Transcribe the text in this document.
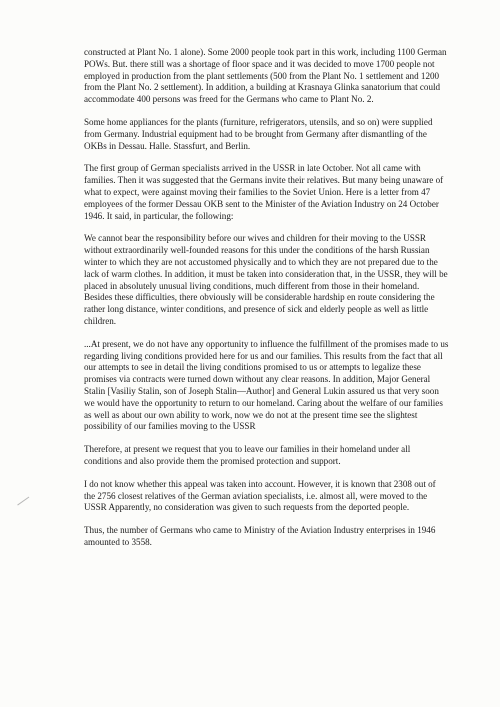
constructed at Plant No. 1 alone). Some 2000 people took part in this work, including 1100 German POWs. But. there still was a shortage of floor space and it was decided to move 1700 people not employed in production from the plant settlements (500 from the Plant No. 1 settlement and 1200 from the Plant No. 2 settlement). In addition, a building at Krasnaya Glinka sanatorium that could accommodate 400 persons was freed for the Germans who came to Plant No. 2.

Some home appliances for the plants (furniture, refrigerators, utensils, and so on) were supplied from Germany. Industrial equipment had to be brought from Germany after dismantling of the OKBs in Dessau. Halle. Stassfurt, and Berlin.

The first group of German specialists arrived in the USSR in late October. Not all came with families. Then it was suggested that the Germans invite their relatives. But many being unaware of what to expect, were against moving their families to the Soviet Union. Here is a letter from 47 employees of the former Dessau OKB sent to the Minister of the Aviation Industry on 24 October 1946. It said, in particular, the following:

We cannot bear the responsibility before our wives and children for their moving to the USSR without extraordinarily well-founded reasons for this under the conditions of the harsh Russian winter to which they are not accustomed physically and to which they are not prepared due to the lack of warm clothes. In addition, it must be taken into consideration that, in the USSR, they will be placed in absolutely unusual living conditions, much different from those in their homeland. Besides these difficulties, there obviously will be considerable hardship en route considering the rather long distance, winter conditions, and presence of sick and elderly people as well as little children.

...At present, we do not have any opportunity to influence the fulfillment of the promises made to us regarding living conditions provided here for us and our families. This results from the fact that all our attempts to see in detail the living conditions promised to us or attempts to legalize these promises via contracts were turned down without any clear reasons. In addition, Major General Stalin [Vasiliy Stalin, son of Joseph Stalin—Author] and General Lukin assured us that very soon we would have the opportunity to return to our homeland. Caring about the welfare of our families as well as about our own ability to work, now we do not at the present time see the slightest possibility of our families moving to the USSR

Therefore, at present we request that you to leave our families in their homeland under all conditions and also provide them the promised protection and support.

I do not know whether this appeal was taken into account. However, it is known that 2308 out of the 2756 closest relatives of the German aviation specialists, i.e. almost all, were moved to the USSR Apparently, no consideration was given to such requests from the deported people.

Thus, the number of Germans who came to Ministry of the Aviation Industry enterprises in 1946 amounted to 3558.
